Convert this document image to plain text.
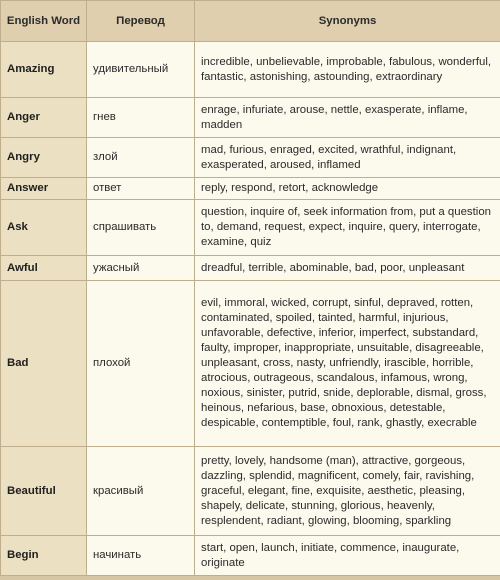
English Word	Перевод	Synonyms
Amazing	удивительный	incredible, unbelievable, improbable, fabulous, wonderful, fantastic, astonishing, astounding, extraordinary
Anger	гнев	enrage, infuriate, arouse, nettle, exasperate, inflame, madden
Angry	злой	mad, furious, enraged, excited, wrathful, indignant, exasperated, aroused, inflamed
Answer	ответ	reply, respond, retort, acknowledge
Ask	спрашивать	question, inquire of, seek information from, put a question to, demand, request, expect, inquire, query, interrogate, examine, quiz
Awful	ужасный	dreadful, terrible, abominable, bad, poor, unpleasant
Bad	плохой	evil, immoral, wicked, corrupt, sinful, depraved, rotten, contaminated, spoiled, tainted, harmful, injurious, unfavorable, defective, inferior, imperfect, substandard, faulty, improper, inappropriate, unsuitable, disagreeable, unpleasant, cross, nasty, unfriendly, irascible, horrible, atrocious, outrageous, scandalous, infamous, wrong, noxious, sinister, putrid, snide, deplorable, dismal, gross, heinous, nefarious, base, obnoxious, detestable, despicable, contemptible, foul, rank, ghastly, execrable
Beautiful	красивый	pretty, lovely, handsome (man), attractive, gorgeous, dazzling, splendid, magnificent, comely, fair, ravishing, graceful, elegant, fine, exquisite, aesthetic, pleasing, shapely, delicate, stunning, glorious, heavenly, resplendent, radiant, glowing, blooming, sparkling
Begin	начинать	start, open, launch, initiate, commence, inaugurate, originate
